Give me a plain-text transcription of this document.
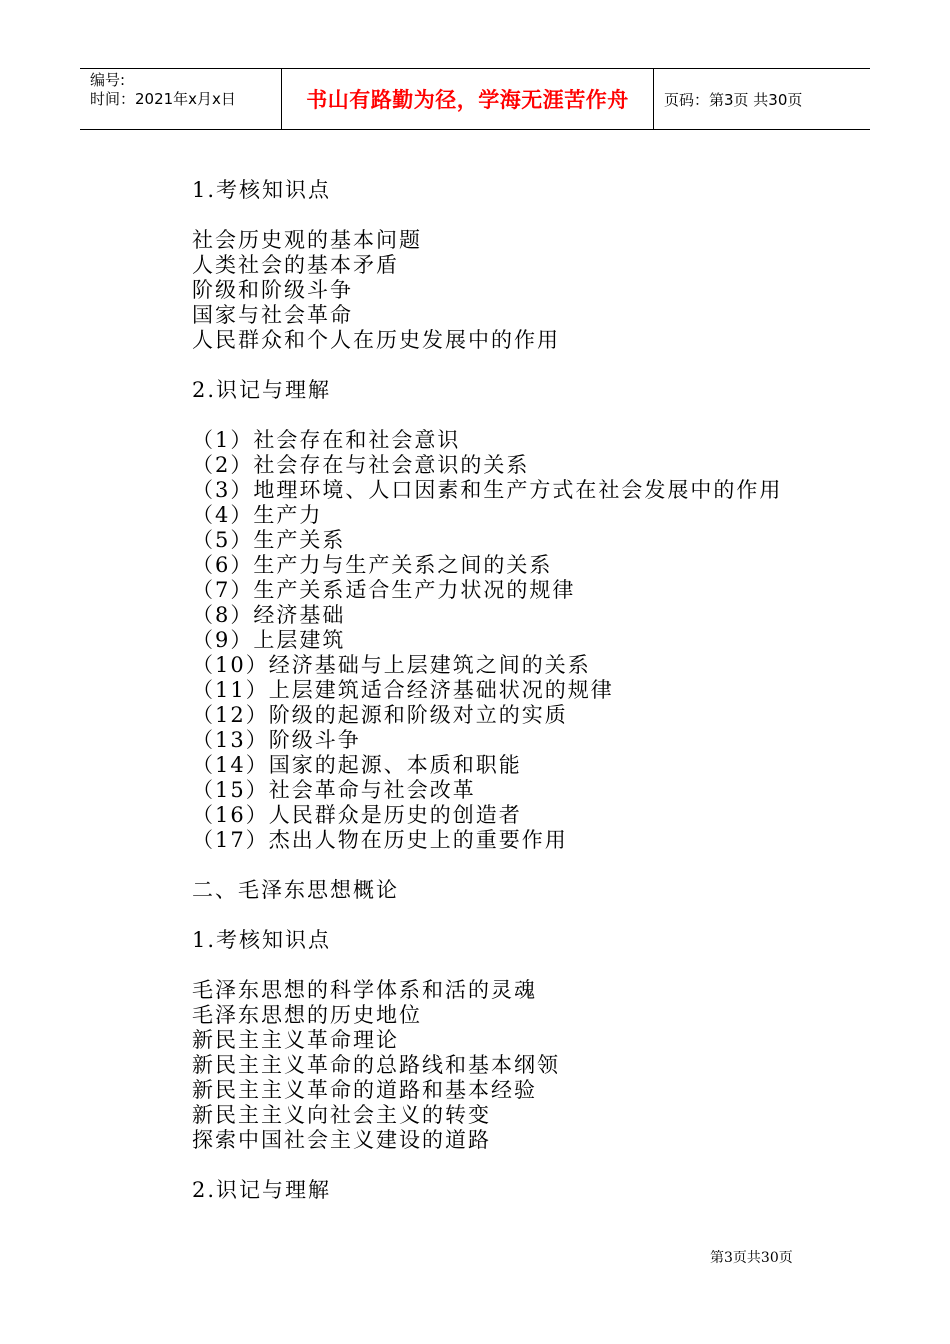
编号:
时间：2021年x月x日	书山有路勤为径，学海无涯苦作舟	页码：第3页 共30页
1.考核知识点
社会历史观的基本问题
人类社会的基本矛盾
阶级和阶级斗争
国家与社会革命
人民群众和个人在历史发展中的作用
2.识记与理解
（1）社会存在和社会意识
（2）社会存在与社会意识的关系
（3）地理环境、人口因素和生产方式在社会发展中的作用
（4）生产力
（5）生产关系
（6）生产力与生产关系之间的关系
（7）生产关系适合生产力状况的规律
（8）经济基础
（9）上层建筑
（10）经济基础与上层建筑之间的关系
（11）上层建筑适合经济基础状况的规律
（12）阶级的起源和阶级对立的实质
（13）阶级斗争
（14）国家的起源、本质和职能
（15）社会革命与社会改革
（16）人民群众是历史的创造者
（17）杰出人物在历史上的重要作用
二、毛泽东思想概论
1.考核知识点
毛泽东思想的科学体系和活的灵魂
毛泽东思想的历史地位
新民主主义革命理论
新民主主义革命的总路线和基本纲领
新民主主义革命的道路和基本经验
新民主主义向社会主义的转变
探索中国社会主义建设的道路
2.识记与理解
第3页共30页
